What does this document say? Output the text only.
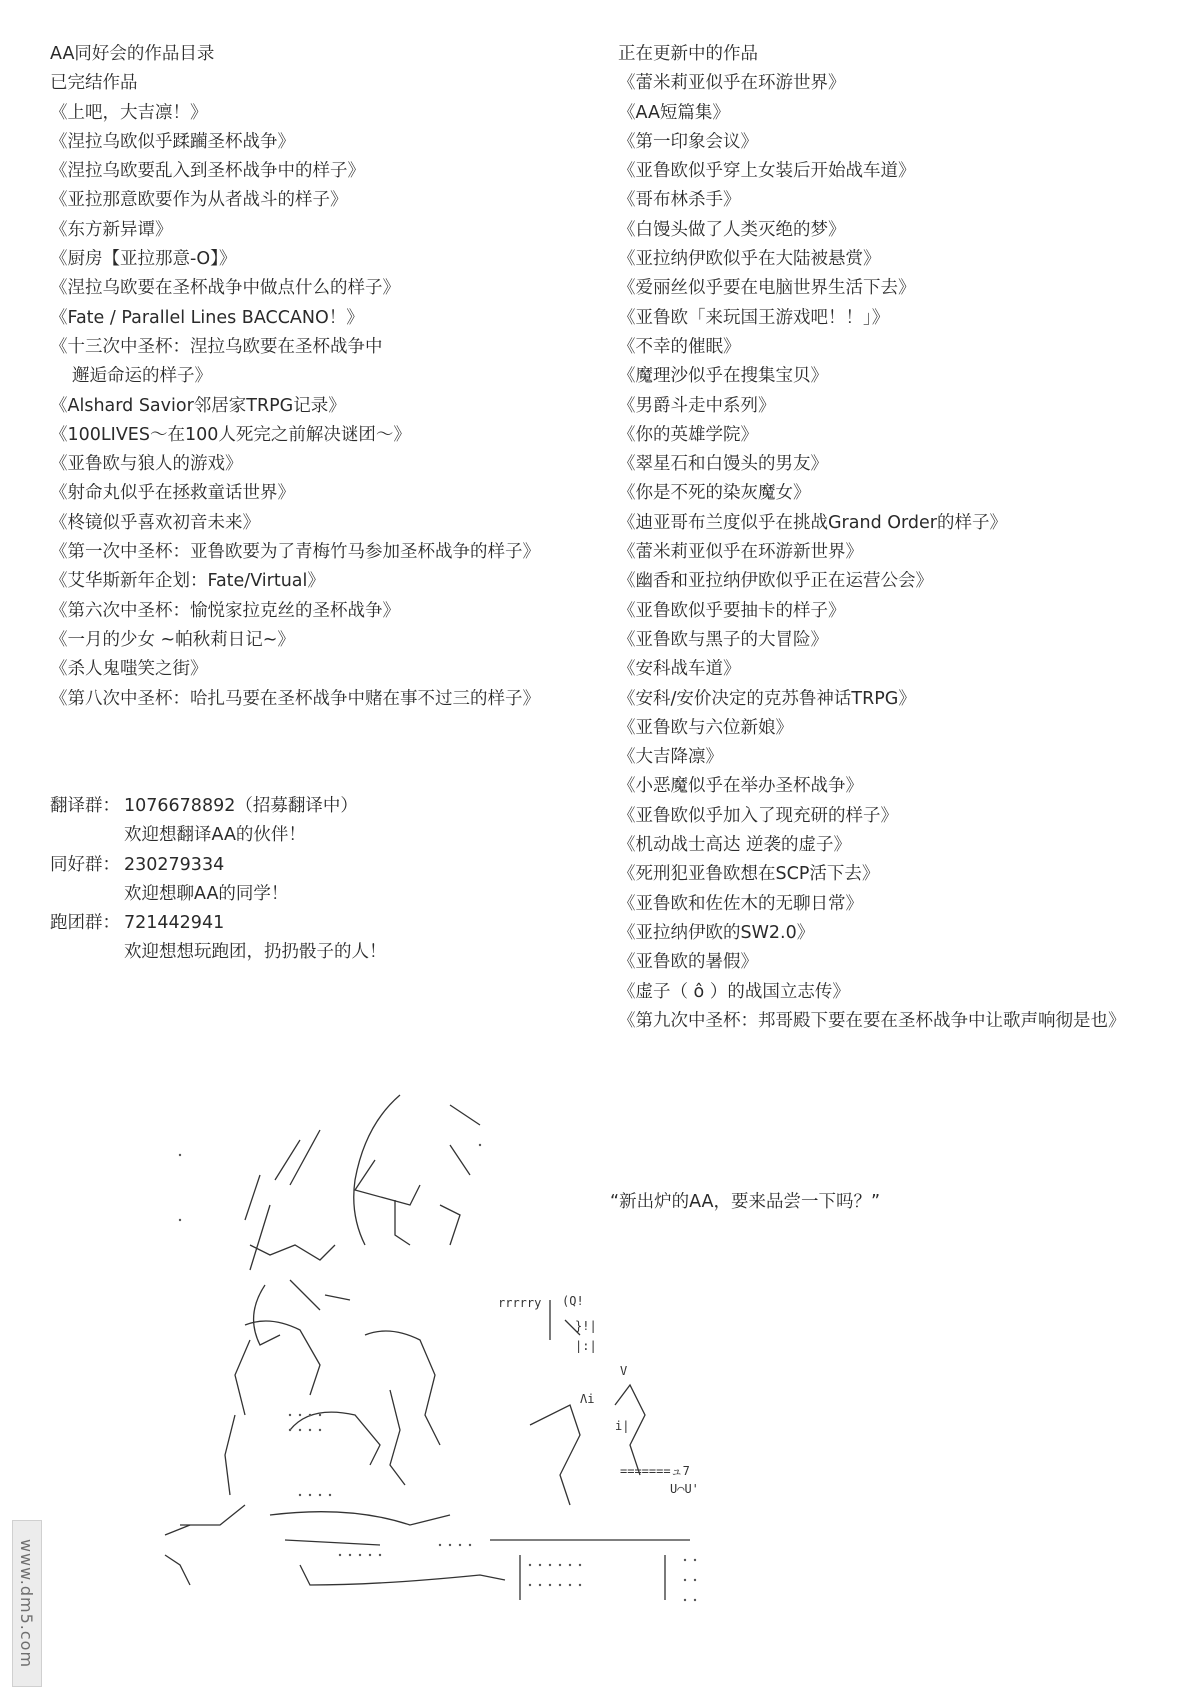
AA同好会的作品目录
已完结作品
《上吧，大吉凛！》
《涅拉乌欧似乎蹂躏圣杯战争》
《涅拉乌欧要乱入到圣杯战争中的样子》
《亚拉那意欧要作为从者战斗的样子》
《东方新异谭》
《厨房【亚拉那意-O】》
《涅拉乌欧要在圣杯战争中做点什么的样子》
《Fate / Parallel Lines BACCANO！》
《十三次中圣杯：涅拉乌欧要在圣杯战争中
邂逅命运的样子》
《Alshard Savior邻居家TRPG记录》
《100LIVES～在100人死完之前解决谜团～》
《亚鲁欧与狼人的游戏》
《射命丸似乎在拯救童话世界》
《柊镜似乎喜欢初音未来》
《第一次中圣杯：亚鲁欧要为了青梅竹马参加圣杯战争的样子》
《艾华斯新年企划：Fate/Virtual》
《第六次中圣杯：愉悦家拉克丝的圣杯战争》
《一月的少女 ~帕秋莉日记~》
《杀人鬼嗤笑之街》
《第八次中圣杯：哈扎马要在圣杯战争中赌在事不过三的样子》
翻译群： 1076678892（招募翻译中）
欢迎想翻译AA的伙伴！
同好群： 230279334
欢迎想聊AA的同学！
跑团群： 721442941
欢迎想想玩跑团，扔扔骰子的人！
正在更新中的作品
《蕾米莉亚似乎在环游世界》
《AA短篇集》
《第一印象会议》
《亚鲁欧似乎穿上女装后开始战车道》
《哥布林杀手》
《白馒头做了人类灭绝的梦》
《亚拉纳伊欧似乎在大陆被悬赏》
《爱丽丝似乎要在电脑世界生活下去》
《亚鲁欧「来玩国王游戏吧！！」》
《不幸的催眠》
《魔理沙似乎在搜集宝贝》
《男爵斗走中系列》
《你的英雄学院》
《翠星石和白馒头的男友》
《你是不死的染灰魔女》
《迪亚哥布兰度似乎在挑战Grand Order的样子》
《蕾米莉亚似乎在环游新世界》
《幽香和亚拉纳伊欧似乎正在运营公会》
《亚鲁欧似乎要抽卡的样子》
《亚鲁欧与黑子的大冒险》
《安科战车道》
《安科/安价决定的克苏鲁神话TRPG》
《亚鲁欧与六位新娘》
《大吉降凛》
《小恶魔似乎在举办圣杯战争》
《亚鲁欧似乎加入了现充研的样子》
《机动战士高达 逆袭的虚子》
《死刑犯亚鲁欧想在SCP活下去》
《亚鲁欧和佐佐木的无聊日常》
《亚拉纳伊欧的SW2.0》
《亚鲁欧的暑假》
《虚子（ ô ）的战国立志传》
《第九次中圣杯：邦哥殿下要在要在圣杯战争中让歌声响彻是也》
rrrrry (Q!
}!|
|:|
Λi
i|
V
U⌒U'
=======ュ7
“新出炉的AA，要来品尝一下吗？”
www.dm5.com
